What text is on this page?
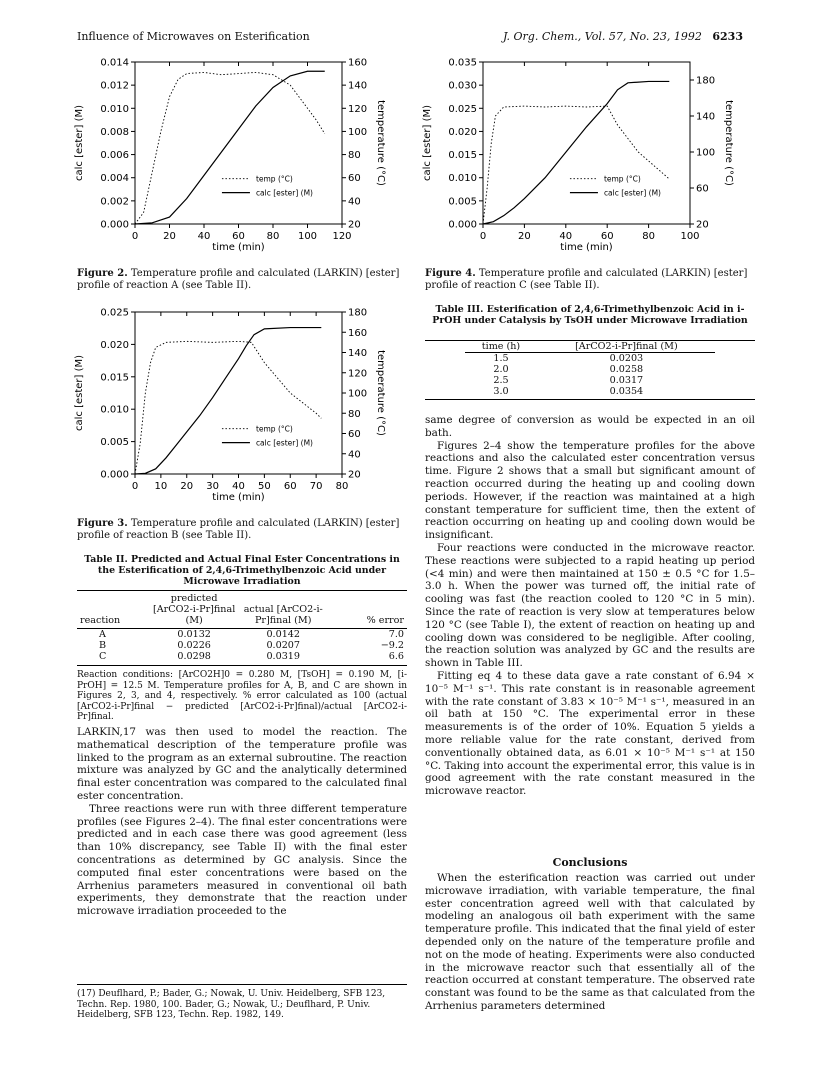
Influence of Microwaves on Esterification	J. Org. Chem., Vol. 57, No. 23, 1992 6233
0 20 40 60 80 100 120
0.000
0.002
0.004
0.006
0.008
0.010
0.012
0.014
20
40
60
80
100
120
140
160
time (min)
calc [ester] (M)	temperature (°C)
temp (°C)
calc [ester] (M)
Figure 2. Temperature profile and calculated (LARKIN) [ester] profile of reaction A (see Table II).
0 10 20 30 40 50 60 70 80
0.000
0.005
0.010
0.015
0.020
0.025
20
40
60
80
100
120
140
160
180
time (min)
calc [ester] (M)	temperature (°C)
temp (°C)
calc [ester] (M)
Figure 3. Temperature profile and calculated (LARKIN) [ester] profile of reaction B (see Table II).
Table II. Predicted and Actual Final Ester Concentrations in the Esterification of 2,4,6-Trimethylbenzoic Acid under Microwave Irradiation
reaction	predicted [ArCO2-i-Pr]final (M)	actual [ArCO2-i-Pr]final (M)	% error
A	0.0132	0.0142	7.0
B	0.0226	0.0207	−9.2
C	0.0298	0.0319	6.6
Reaction conditions: [ArCO2H]0 = 0.280 M, [TsOH] = 0.190 M, [i-PrOH] = 12.5 M. Temperature profiles for A, B, and C are shown in Figures 2, 3, and 4, respectively. % error calculated as 100 (actual [ArCO2-i-Pr]final − predicted [ArCO2-i-Pr]final)/actual [ArCO2-i-Pr]final.

LARKIN,17 was then used to model the reaction. The mathematical description of the temperature profile was linked to the program as an external subroutine. The reaction mixture was analyzed by GC and the analytically determined final ester concentration was compared to the calculated final ester concentration.

Three reactions were run with three different temperature profiles (see Figures 2–4). The final ester concentrations were predicted and in each case there was good agreement (less than 10% discrepancy, see Table II) with the final ester concentrations as determined by GC analysis. Since the computed final ester concentrations were based on the Arrhenius parameters measured in conventional oil bath experiments, they demonstrate that the reaction under microwave irradiation proceeded to the

(17) Deuflhard, P.; Bader, G.; Nowak, U. Univ. Heidelberg, SFB 123, Techn. Rep. 1980, 100. Bader, G.; Nowak, U.; Deuflhard, P. Univ. Heidelberg, SFB 123, Techn. Rep. 1982, 149.
0	20	40	60	80	100
0.000
0.005
0.010
0.015
0.020
0.025
0.030
0.035
20
60
100
140
180
time (min)
calc [ester] (M)	temperature (°C)
temp (°C)
calc [ester] (M)
Figure 4. Temperature profile and calculated (LARKIN) [ester] profile of reaction C (see Table II).
Table III. Esterification of 2,4,6-Trimethylbenzoic Acid in i-PrOH under Catalysis by TsOH under Microwave Irradiation
time (h)	[ArCO2-i-Pr]final (M)
1.5	0.0203
2.0	0.0258
2.5	0.0317
3.0	0.0354

same degree of conversion as would be expected in an oil bath.

Figures 2–4 show the temperature profiles for the above reactions and also the calculated ester concentration versus time. Figure 2 shows that a small but significant amount of reaction occurred during the heating up and cooling down periods. However, if the reaction was maintained at a high constant temperature for sufficient time, then the extent of reaction occurring on heating up and cooling down would be insignificant.

Four reactions were conducted in the microwave reactor. These reactions were subjected to a rapid heating up period (<4 min) and were then maintained at 150 ± 0.5 °C for 1.5–3.0 h. When the power was turned off, the initial rate of cooling was fast (the reaction cooled to 120 °C in 5 min). Since the rate of reaction is very slow at temperatures below 120 °C (see Table I), the extent of reaction on heating up and cooling down was considered to be negligible. After cooling, the reaction solution was analyzed by GC and the results are shown in Table III.

Fitting eq 4 to these data gave a rate constant of 6.94 × 10⁻⁵ M⁻¹ s⁻¹. This rate constant is in reasonable agreement with the rate constant of 3.83 × 10⁻⁵ M⁻¹ s⁻¹, measured in an oil bath at 150 °C. The experimental error in these measurements is of the order of 10%. Equation 5 yields a more reliable value for the rate constant, derived from conventionally obtained data, as 6.01 × 10⁻⁵ M⁻¹ s⁻¹ at 150 °C. Taking into account the experimental error, this value is in good agreement with the rate constant measured in the microwave reactor.

Conclusions

When the esterification reaction was carried out under microwave irradiation, with variable temperature, the final ester concentration agreed well with that calculated by modeling an analogous oil bath experiment with the same temperature profile. This indicated that the final yield of ester depended only on the nature of the temperature profile and not on the mode of heating. Experiments were also conducted in the microwave reactor such that essentially all of the reaction occurred at constant temperature. The observed rate constant was found to be the same as that calculated from the Arrhenius parameters determined
